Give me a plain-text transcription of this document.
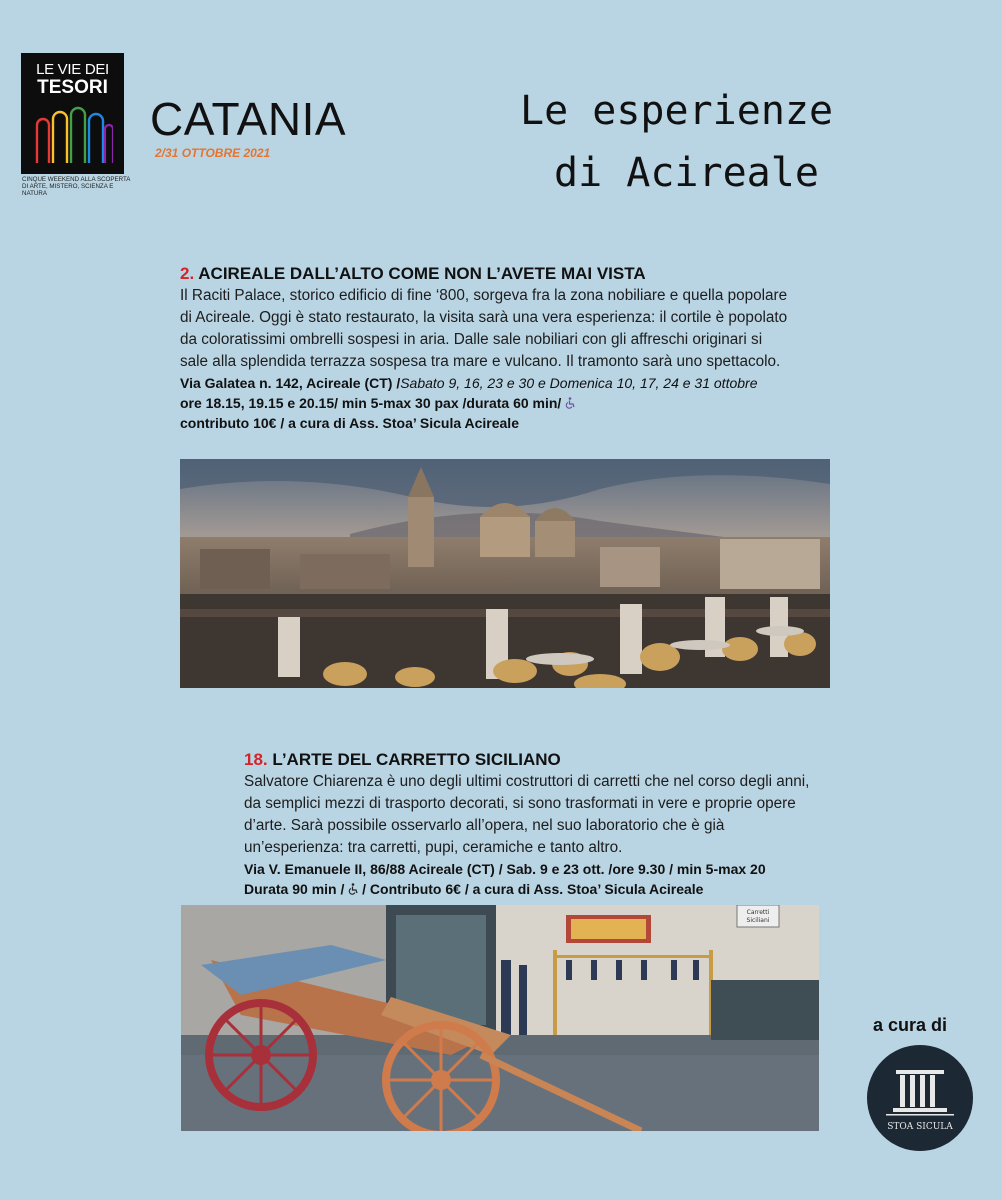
LE VIE DEI
TESORI
CINQUE WEEKEND ALLA SCOPERTA DI ARTE, MISTERO, SCIENZA E NATURA
CATANIA
2/31 OTTOBRE 2021
Le esperienze
di Acireale
2. ACIREALE DALL’ALTO COME NON L’AVETE MAI VISTA
Il Raciti Palace, storico edificio di fine ‘800, sorgeva fra la zona nobiliare e quella popolare di Acireale. Oggi è stato restaurato, la visita sarà una vera esperienza: il cortile è popolato da coloratissimi ombrelli sospesi in aria. Dalle sale nobiliari con gli affreschi originari si sale alla splendida terrazza sospesa tra mare e vulcano. Il tramonto sarà uno spettacolo.
Via Galatea n. 142, Acireale (CT) /Sabato 9, 16, 23 e 30 e Domenica 10, 17, 24 e 31 ottobre
ore 18.15, 19.15 e 20.15/ min 5-max 30 pax /durata 60 min/
contributo 10€ / a cura di Ass. Stoa’ Sicula Acireale
18. L’ARTE DEL CARRETTO SICILIANO
Salvatore Chiarenza è uno degli ultimi costruttori di carretti che nel corso degli anni, da semplici mezzi di trasporto decorati, si sono trasformati in vere e proprie opere d’arte. Sarà possibile osservarlo all’opera, nel suo laboratorio che è già un’esperienza: tra carretti, pupi, ceramiche e tanto altro.
Via V. Emanuele II, 86/88 Acireale (CT) / Sab. 9 e 23 ott. /ore 9.30 / min 5-max 20
Durata 90 min / / Contributo 6€ / a cura di Ass. Stoa’ Sicula Acireale
Carretti
Siciliani
a cura di
STOA SICULA
